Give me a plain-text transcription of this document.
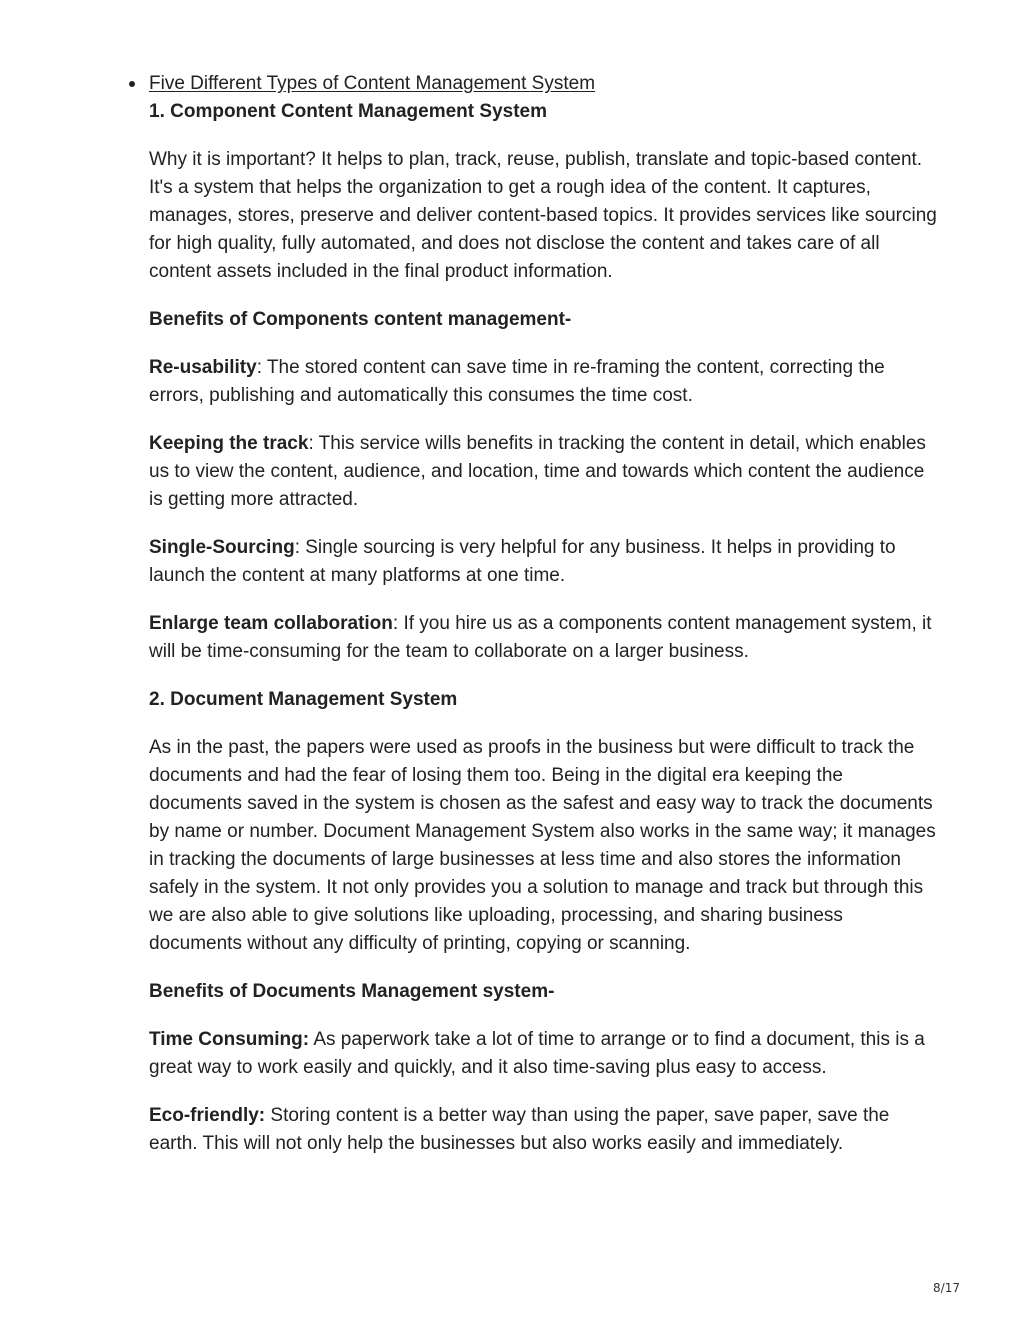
Five Different Types of Content Management System

1. Component Content Management System

Why it is important? It helps to plan, track, reuse, publish, translate and topic-based content. It's a system that helps the organization to get a rough idea of the content. It captures, manages, stores, preserve and deliver content-based topics. It provides services like sourcing for high quality, fully automated, and does not disclose the content and takes care of all content assets included in the final product information.

Benefits of Components content management-

Re-usability: The stored content can save time in re-framing the content, correcting the errors, publishing and automatically this consumes the time cost.

Keeping the track: This service wills benefits in tracking the content in detail, which enables us to view the content, audience, and location, time and towards which content the audience is getting more attracted.

Single-Sourcing: Single sourcing is very helpful for any business. It helps in providing to launch the content at many platforms at one time.

Enlarge team collaboration: If you hire us as a components content management system, it will be time-consuming for the team to collaborate on a larger business.

2. Document Management System

As in the past, the papers were used as proofs in the business but were difficult to track the documents and had the fear of losing them too. Being in the digital era keeping the documents saved in the system is chosen as the safest and easy way to track the documents by name or number. Document Management System also works in the same way; it manages in tracking the documents of large businesses at less time and also stores the information safely in the system. It not only provides you a solution to manage and track but through this we are also able to give solutions like uploading, processing, and sharing business documents without any difficulty of printing, copying or scanning.

Benefits of Documents Management system-

Time Consuming: As paperwork take a lot of time to arrange or to find a document, this is a great way to work easily and quickly, and it also time-saving plus easy to access.

Eco-friendly: Storing content is a better way than using the paper, save paper, save the earth. This will not only help the businesses but also works easily and immediately.

8/17
